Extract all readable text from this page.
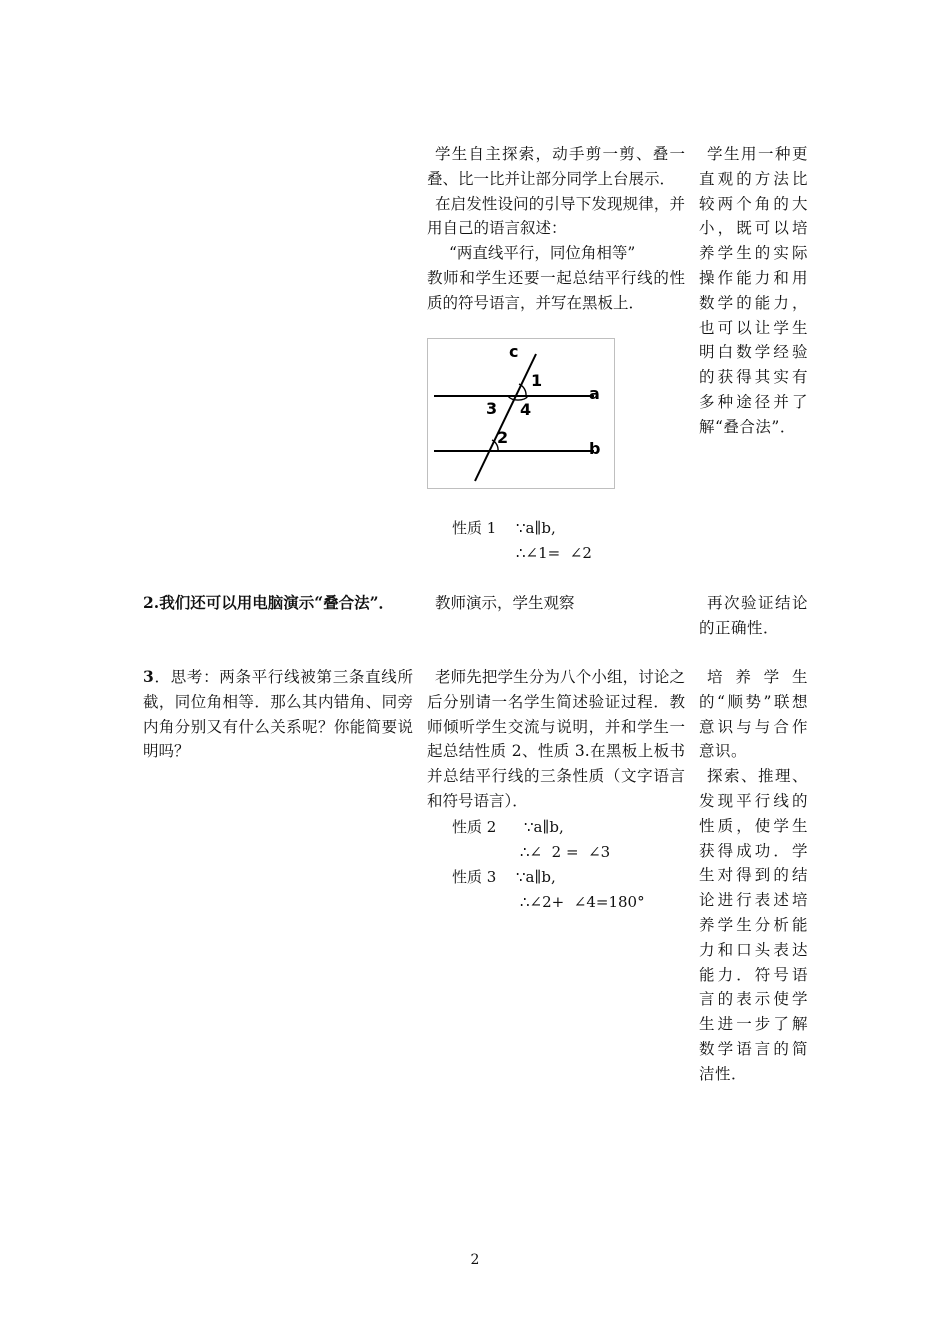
学生自主探索，动手剪一剪、叠一叠、比一比并让部分同学上台展示．

在启发性设问的引导下发现规律，并用自己的语言叙述：

“两直线平行，同位角相等”

教师和学生还要一起总结平行线的性质的符号语言，并写在黑板上．

c
1
a
3 4
2
b
性质 1 ∵a∥b,
∴∠1=  ∠2
学生用一种更直观的方法比较两个角的大小，既可以培养学生的实际操作能力和用数学的能力，也可以让学生明白数学经验的获得其实有多种途径并了解“叠合法”．
2.我们还可以用电脑演示“叠合法”．	教师演示，学生观察	再次验证结论的正确性．
3．思考：两条平行线被第三条直线所截，同位角相等．那么其内错角、同旁内角分别又有什么关系呢？你能简要说明吗？
老师先把学生分为八个小组，讨论之后分别请一名学生简述验证过程．教师倾听学生交流与说明，并和学生一起总结性质 2、性质 3.在黑板上板书并总结平行线的三条性质（文字语言和符号语言）．
性质 2 ∵a∥b,
∴∠  2 =  ∠3
性质 3 ∵a∥b,
∴∠2+  ∠4=180°

培养学生的“顺势”联想意识与与合作意识。

探索、推理、发现平行线的性质，使学生获得成功．学生对得到的结论进行表述培养学生分析能力和口头表达能力．符号语言的表示使学生进一步了解数学语言的简洁性．

2
